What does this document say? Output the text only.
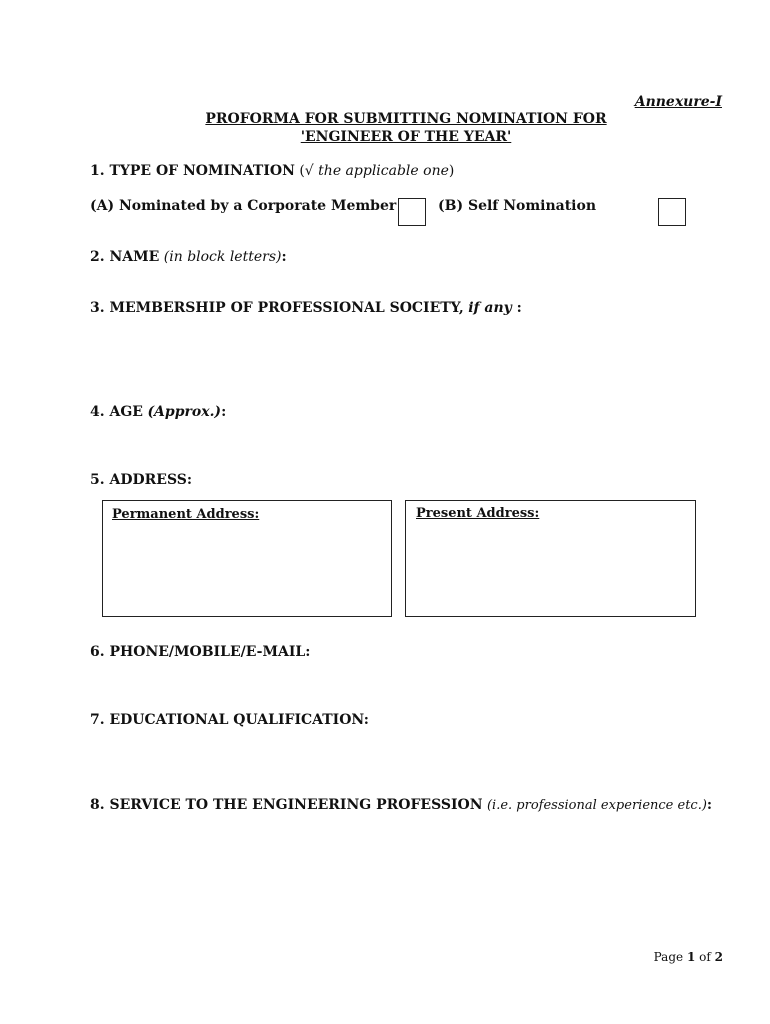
Annexure-I
PROFORMA FOR SUBMITTING NOMINATION FOR
'ENGINEER OF THE YEAR'
1. TYPE OF NOMINATION (√ the applicable one)
(A) Nominated by a Corporate Member	(B) Self Nomination
2. NAME (in block letters):
3. MEMBERSHIP OF PROFESSIONAL SOCIETY, if any :
4. AGE (Approx.):
5. ADDRESS:
Permanent Address:	Present Address:
6. PHONE/MOBILE/E-MAIL:
7. EDUCATIONAL QUALIFICATION:
8. SERVICE TO THE ENGINEERING PROFESSION (i.e. professional experience etc.):
Page 1 of 2
